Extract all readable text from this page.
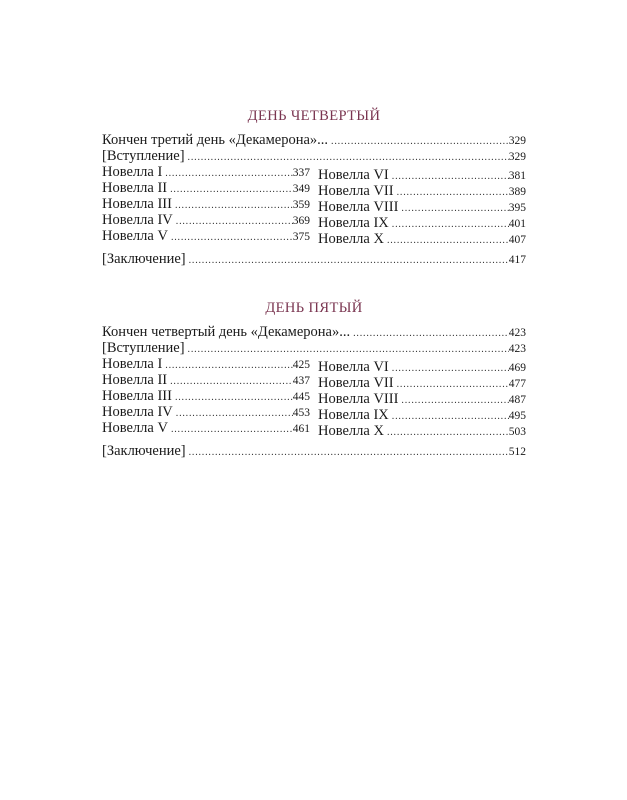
ДЕНЬ ЧЕТВЕРТЫЙ
Кончен третий день «Декамерона»... .....	329
[Вступление] .....	329
Новелла I .....	337
Новелла II .....	349
Новелла III .....	359
Новелла IV .....	369
Новелла V .....	375
Новелла VI .....	381
Новелла VII .....	389
Новелла VIII .....	395
Новелла IX .....	401
Новелла X .....	407
[Заключение] .....	417
ДЕНЬ ПЯТЫЙ
Кончен четвертый день «Декамерона»... .....	423
[Вступление] .....	423
Новелла I .....	425
Новелла II .....	437
Новелла III .....	445
Новелла IV .....	453
Новелла V .....	461
Новелла VI .....	469
Новелла VII .....	477
Новелла VIII .....	487
Новелла IX .....	495
Новелла X .....	503
[Заключение] .....	512
